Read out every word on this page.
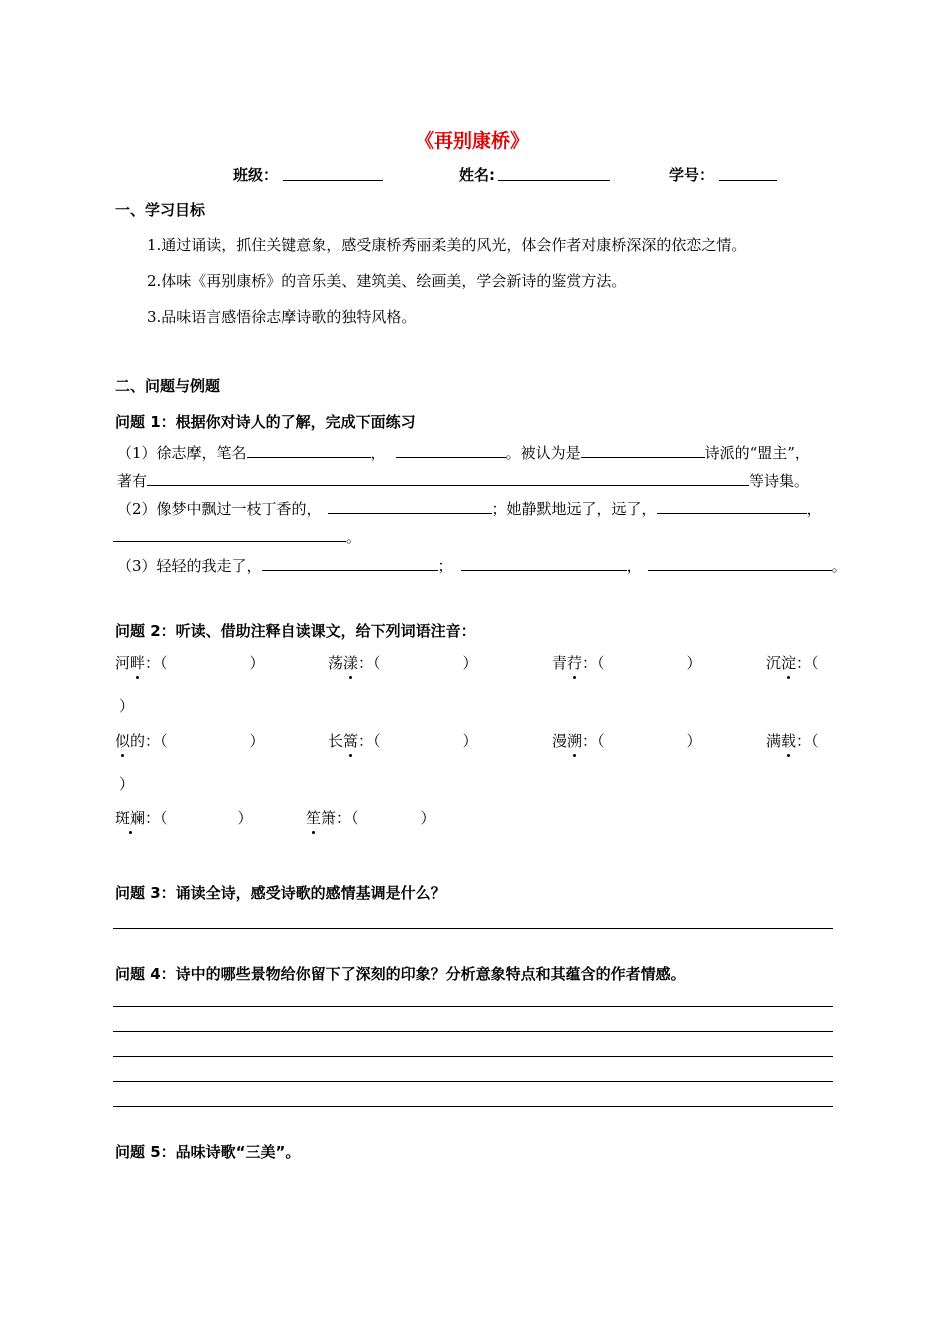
《再别康桥》
班级：	姓名:	学号：
一、学习目标
1.通过诵读，抓住关键意象，感受康桥秀丽柔美的风光，体会作者对康桥深深的依恋之情。
2.体味《再别康桥》的音乐美、建筑美、绘画美，学会新诗的鉴赏方法。
3.品味语言感悟徐志摩诗歌的独特风格。
二、问题与例题
问题 1：根据你对诗人的了解，完成下面练习
（1）徐志摩，笔名	，	。被认为是	诗派的“盟主”，
著有	等诗集。
（2）像梦中飘过一枝丁香的，	；她静默地远了，远了，	，
。
（3）轻轻的我走了，	；	，	。
问题 2：听读、借助注释自读课文，给下列词语注音：
河畔：（	）	荡漾：（	）	青荇：（	）	沉淀：（
）
似的：（	）	长篙：（	）	漫溯：（	）	满载：（
）
斑斓：（	）	笙箫：（	）
问题 3：诵读全诗，感受诗歌的感情基调是什么？
问题 4：诗中的哪些景物给你留下了深刻的印象？分析意象特点和其蕴含的作者情感。
问题 5：品味诗歌“三美”。
